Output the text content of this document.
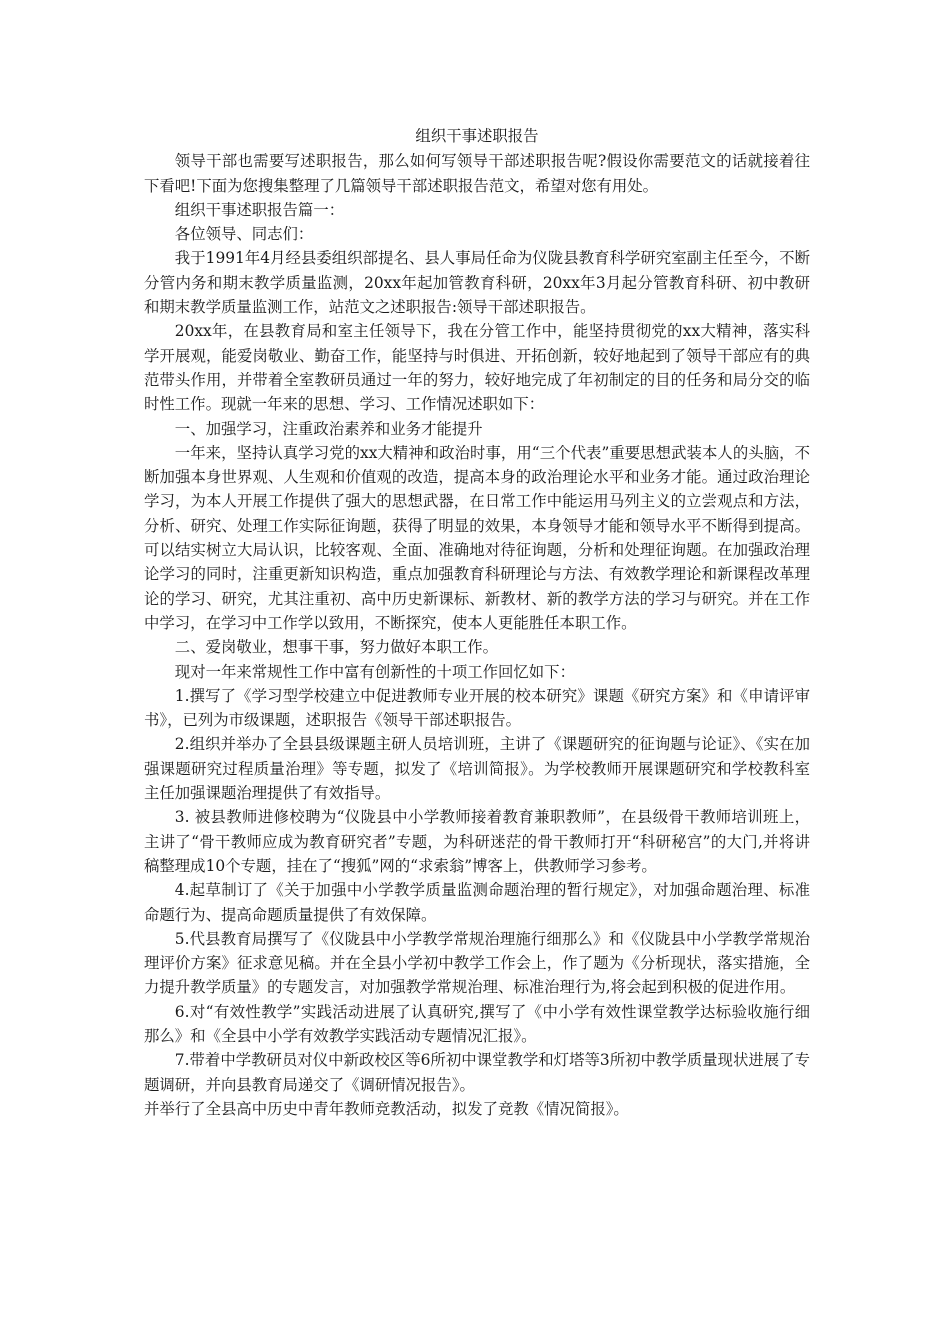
组织干事述职报告

领导干部也需要写述职报告，那么如何写领导干部述职报告呢?假设你需要范文的话就接着往下看吧!下面为您搜集整理了几篇领导干部述职报告范文，希望对您有用处。

组织干事述职报告篇一：

各位领导、同志们：

我于1991年4月经县委组织部提名、县人事局任命为仪陇县教育科学研究室副主任至今，不断分管内务和期末教学质量监测，20xx年起加管教育科研，20xx年3月起分管教育科研、初中教研和期末教学质量监测工作，站范文之述职报告:领导干部述职报告。

20xx年，在县教育局和室主任领导下，我在分管工作中，能坚持贯彻党的xx大精神，落实科学开展观，能爱岗敬业、勤奋工作，能坚持与时俱进、开拓创新，较好地起到了领导干部应有的典范带头作用，并带着全室教研员通过一年的努力，较好地完成了年初制定的目的任务和局分交的临时性工作。现就一年来的思想、学习、工作情况述职如下：

一、加强学习，注重政治素养和业务才能提升

一年来，坚持认真学习党的xx大精神和政治时事，用“三个代表”重要思想武装本人的头脑，不断加强本身世界观、人生观和价值观的改造，提高本身的政治理论水平和业务才能。通过政治理论学习，为本人开展工作提供了强大的思想武器，在日常工作中能运用马列主义的立尝观点和方法，分析、研究、处理工作实际征询题，获得了明显的效果，本身领导才能和领导水平不断得到提高。可以结实树立大局认识，比较客观、全面、准确地对待征询题，分析和处理征询题。在加强政治理论学习的同时，注重更新知识构造，重点加强教育科研理论与方法、有效教学理论和新课程改革理论的学习、研究，尤其注重初、高中历史新课标、新教材、新的教学方法的学习与研究。并在工作中学习，在学习中工作学以致用，不断探究，使本人更能胜任本职工作。

二、爱岗敬业，想事干事，努力做好本职工作。

现对一年来常规性工作中富有创新性的十项工作回忆如下：

1.撰写了《学习型学校建立中促进教师专业开展的校本研究》课题《研究方案》和《申请评审书》，已列为市级课题，述职报告《领导干部述职报告。

2.组织并举办了全县县级课题主研人员培训班，主讲了《课题研究的征询题与论证》、《实在加强课题研究过程质量治理》等专题，拟发了《培训简报》。为学校教师开展课题研究和学校教科室主任加强课题治理提供了有效指导。

3. 被县教师进修校聘为“仪陇县中小学教师接着教育兼职教师”，在县级骨干教师培训班上，主讲了“骨干教师应成为教育研究者”专题，为科研迷茫的骨干教师打开“科研秘宫”的大门,并将讲稿整理成10个专题，挂在了“搜狐”网的“求索翁”博客上，供教师学习参考。

4.起草制订了《关于加强中小学教学质量监测命题治理的暂行规定》，对加强命题治理、标准命题行为、提高命题质量提供了有效保障。

5.代县教育局撰写了《仪陇县中小学教学常规治理施行细那么》和《仪陇县中小学教学常规治理评价方案》征求意见稿。并在全县小学初中教学工作会上，作了题为《分析现状，落实措施，全力提升教学质量》的专题发言，对加强教学常规治理、标准治理行为,将会起到积极的促进作用。

6.对“有效性教学”实践活动进展了认真研究,撰写了《中小学有效性课堂教学达标验收施行细那么》和《全县中小学有效教学实践活动专题情况汇报》。

7.带着中学教研员对仪中新政校区等6所初中课堂教学和灯塔等3所初中教学质量现状进展了专题调研，并向县教育局递交了《调研情况报告》。

并举行了全县高中历史中青年教师竞教活动，拟发了竞教《情况简报》。
